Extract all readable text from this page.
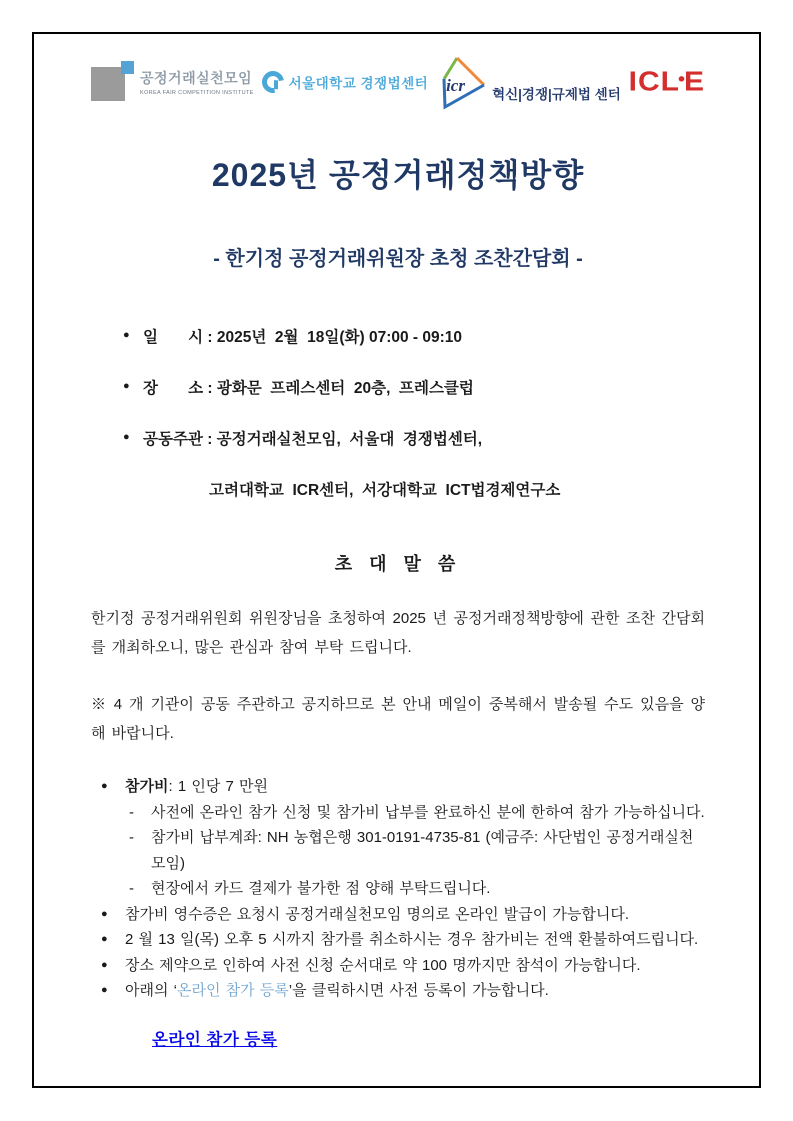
공정거래실천모임
KOREA FAIR COMPETITION INSTITUTE
서울대학교 경쟁법센터 icr 혁신|경쟁|규제법 센터 ICL•E
2025년 공정거래정책방향
- 한기정 공정거래위원장 초청 조찬간담회 -
● 일       시 : 2025년  2월  18일(화) 07:00 - 09:10
● 장       소 : 광화문  프레스센터  20층,  프레스클럽
● 공동주관 : 공정거래실천모임,  서울대  경쟁법센터,
고려대학교  ICR센터,  서강대학교  ICT법경제연구소
초 대 말 씀
한기정 공정거래위원회 위원장님을 초청하여 2025 년 공정거래정책방향에 관한 조찬 간담회를 개최하오니, 많은 관심과 참여 부탁 드립니다.
※ 4 개 기관이 공동 주관하고 공지하므로 본 안내 메일이 중복해서 발송될 수도 있음을 양해 바랍니다.
●	참가비: 1 인당 7 만원
-	사전에 온라인 참가 신청 및 참가비 납부를 완료하신 분에 한하여 참가 가능하십니다.
-	참가비 납부계좌: NH 농협은행 301-0191-4735-81 (예금주: 사단법인 공정거래실천모임)
-	현장에서 카드 결제가 불가한 점 양해 부탁드립니다.
●	참가비 영수증은 요청시 공정거래실천모임 명의로 온라인 발급이 가능합니다.
●	2 월 13 일(목) 오후 5 시까지 참가를 취소하시는 경우 참가비는 전액 환불하여드립니다.
●	장소 제약으로 인하여 사전 신청 순서대로 약 100 명까지만 참석이 가능합니다.
●	아래의 ‘온라인 참가 등록’을 클릭하시면 사전 등록이 가능합니다.
온라인 참가 등록
